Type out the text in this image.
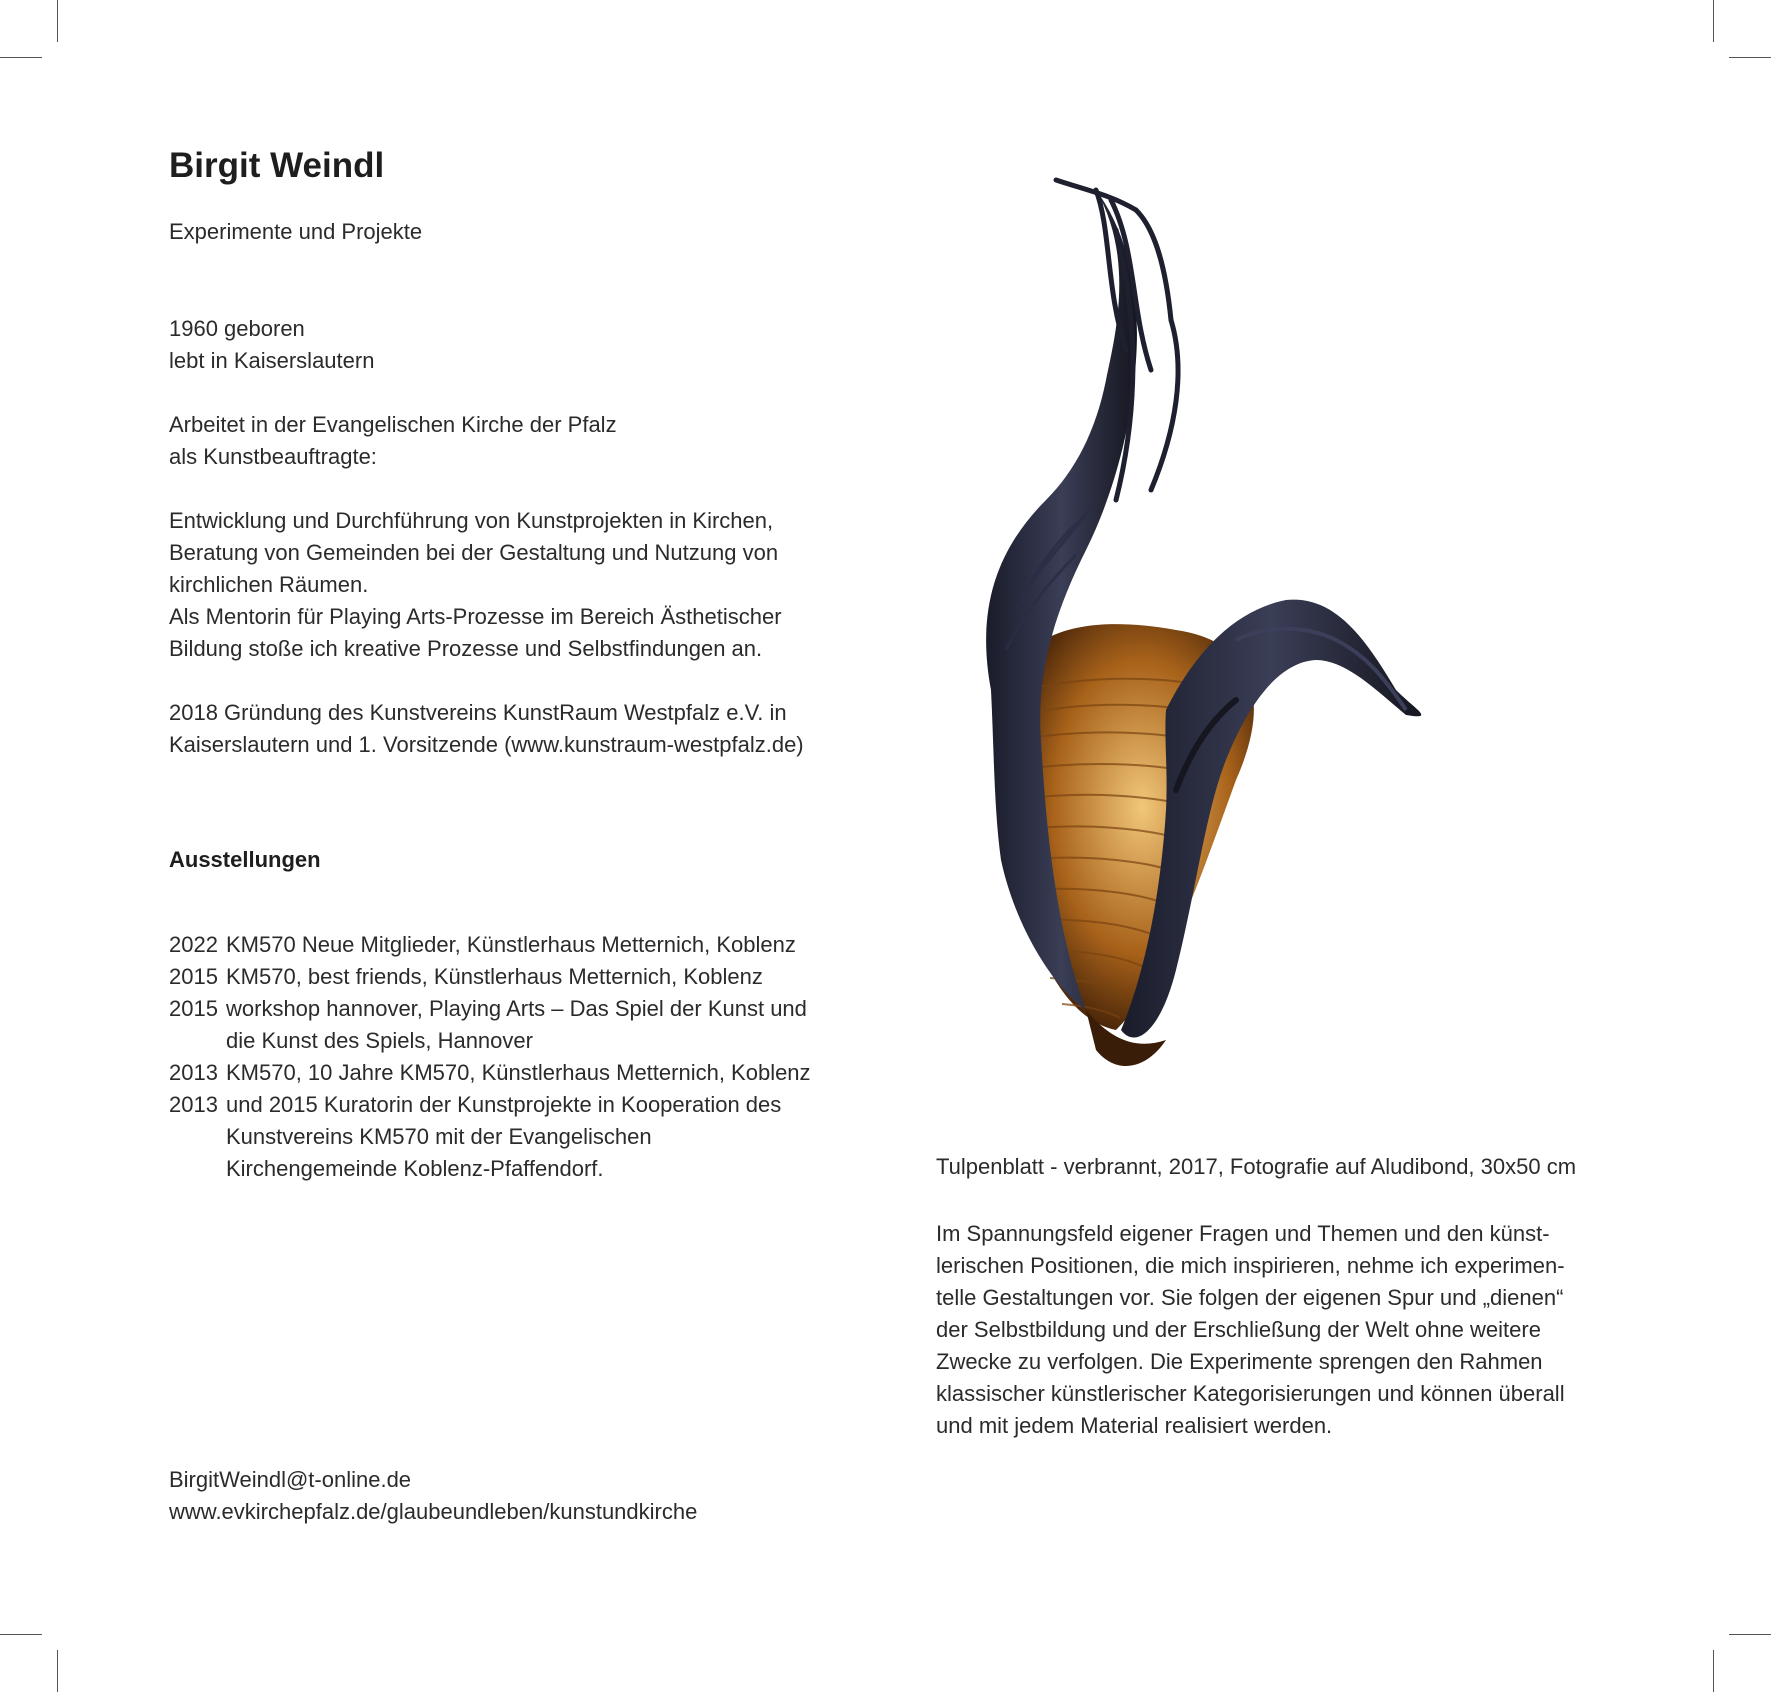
Birgit Weindl
Experimente und Projekte
1960 geboren
lebt in Kaiserslautern
Arbeitet in der Evangelischen Kirche der Pfalz
als Kunstbeauftragte:
Entwicklung und Durchführung von Kunstprojekten in Kirchen,
Beratung von Gemeinden bei der Gestaltung und Nutzung von
kirchlichen Räumen.
Als Mentorin für Playing Arts-Prozesse im Bereich Ästhetischer
Bildung stoße ich kreative Prozesse und Selbstfindungen an.
2018 Gründung des Kunstvereins KunstRaum Westpfalz e.V. in
Kaiserslautern und 1. Vorsitzende (www.kunstraum-westpfalz.de)
Ausstellungen
2022 KM570 Neue Mitglieder, Künstlerhaus Metternich, Koblenz
2015 KM570, best friends, Künstlerhaus Metternich, Koblenz
2015 workshop hannover, Playing Arts – Das Spiel der Kunst und
die Kunst des Spiels, Hannover
2013 KM570, 10 Jahre KM570, Künstlerhaus Metternich, Koblenz
2013 und 2015 Kuratorin der Kunstprojekte in Kooperation des
Kunstvereins KM570 mit der Evangelischen
Kirchengemeinde Koblenz-Pfaffendorf.
BirgitWeindl@t-online.de
www.evkirchepfalz.de/glaubeundleben/kunstundkirche
Tulpenblatt - verbrannt, 2017, Fotografie auf Aludibond, 30x50 cm
Im Spannungsfeld eigener Fragen und Themen und den künst-
lerischen Positionen, die mich inspirieren, nehme ich experimen-
telle Gestaltungen vor. Sie folgen der eigenen Spur und „dienen“
der Selbstbildung und der Erschließung der Welt ohne weitere
Zwecke zu verfolgen. Die Experimente sprengen den Rahmen
klassischer künstlerischer Kategorisierungen und können überall
und mit jedem Material realisiert werden.
